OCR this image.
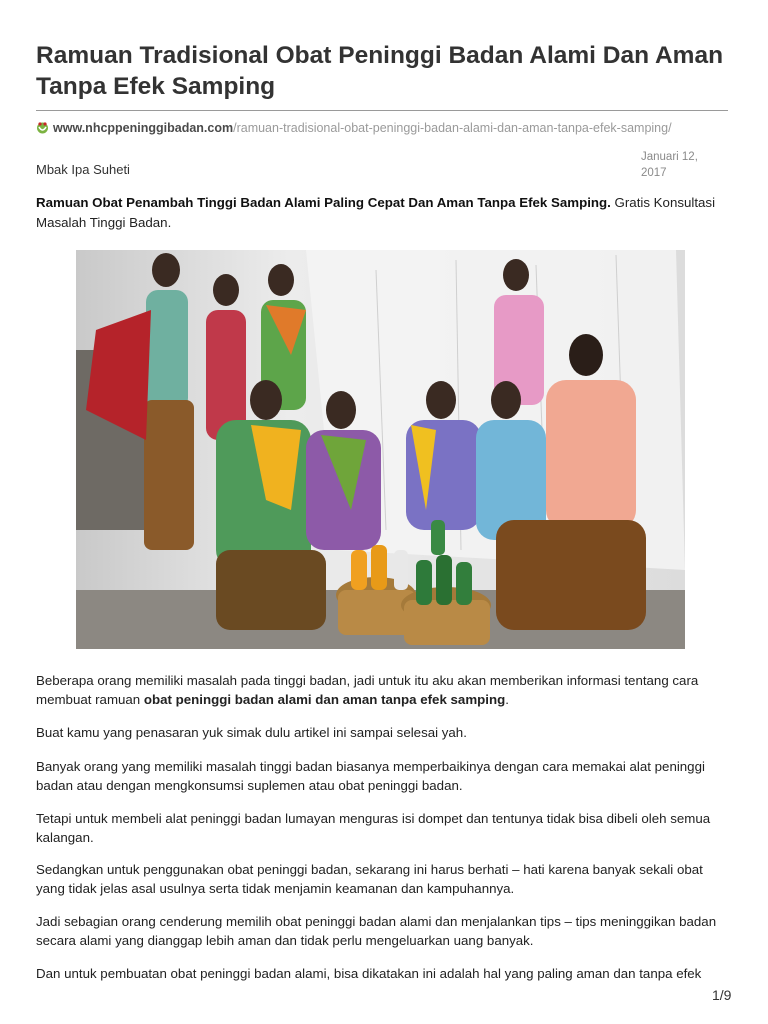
Ramuan Tradisional Obat Peninggi Badan Alami Dan Aman Tanpa Efek Samping
www.nhcppeninggibadan.com/ramuan-tradisional-obat-peninggi-badan-alami-dan-aman-tanpa-efek-samping/
Mbak Ipa Suheti
Januari 12,
2017
Ramuan Obat Penambah Tinggi Badan Alami Paling Cepat Dan Aman Tanpa Efek Samping. Gratis Konsultasi Masalah Tinggi Badan.

Beberapa orang memiliki masalah pada tinggi badan, jadi untuk itu aku akan memberikan informasi tentang cara membuat ramuan obat peninggi badan alami dan aman tanpa efek samping.

Buat kamu yang penasaran yuk simak dulu artikel ini sampai selesai yah.

Banyak orang yang memiliki masalah tinggi badan biasanya memperbaikinya dengan cara memakai alat peninggi badan atau dengan mengkonsumsi suplemen atau obat peninggi badan.

Tetapi untuk membeli alat peninggi badan lumayan menguras isi dompet dan tentunya tidak bisa dibeli oleh semua kalangan.

Sedangkan untuk penggunakan obat peninggi badan, sekarang ini harus berhati – hati karena banyak sekali obat yang tidak jelas asal usulnya serta tidak menjamin keamanan dan kampuhannya.

Jadi sebagian orang cenderung memilih obat peninggi badan alami dan menjalankan tips – tips meninggikan badan secara alami yang dianggap lebih aman dan tidak perlu mengeluarkan uang banyak.

Dan untuk pembuatan obat peninggi badan alami, bisa dikatakan ini adalah hal yang paling aman dan tanpa efek

1/9
